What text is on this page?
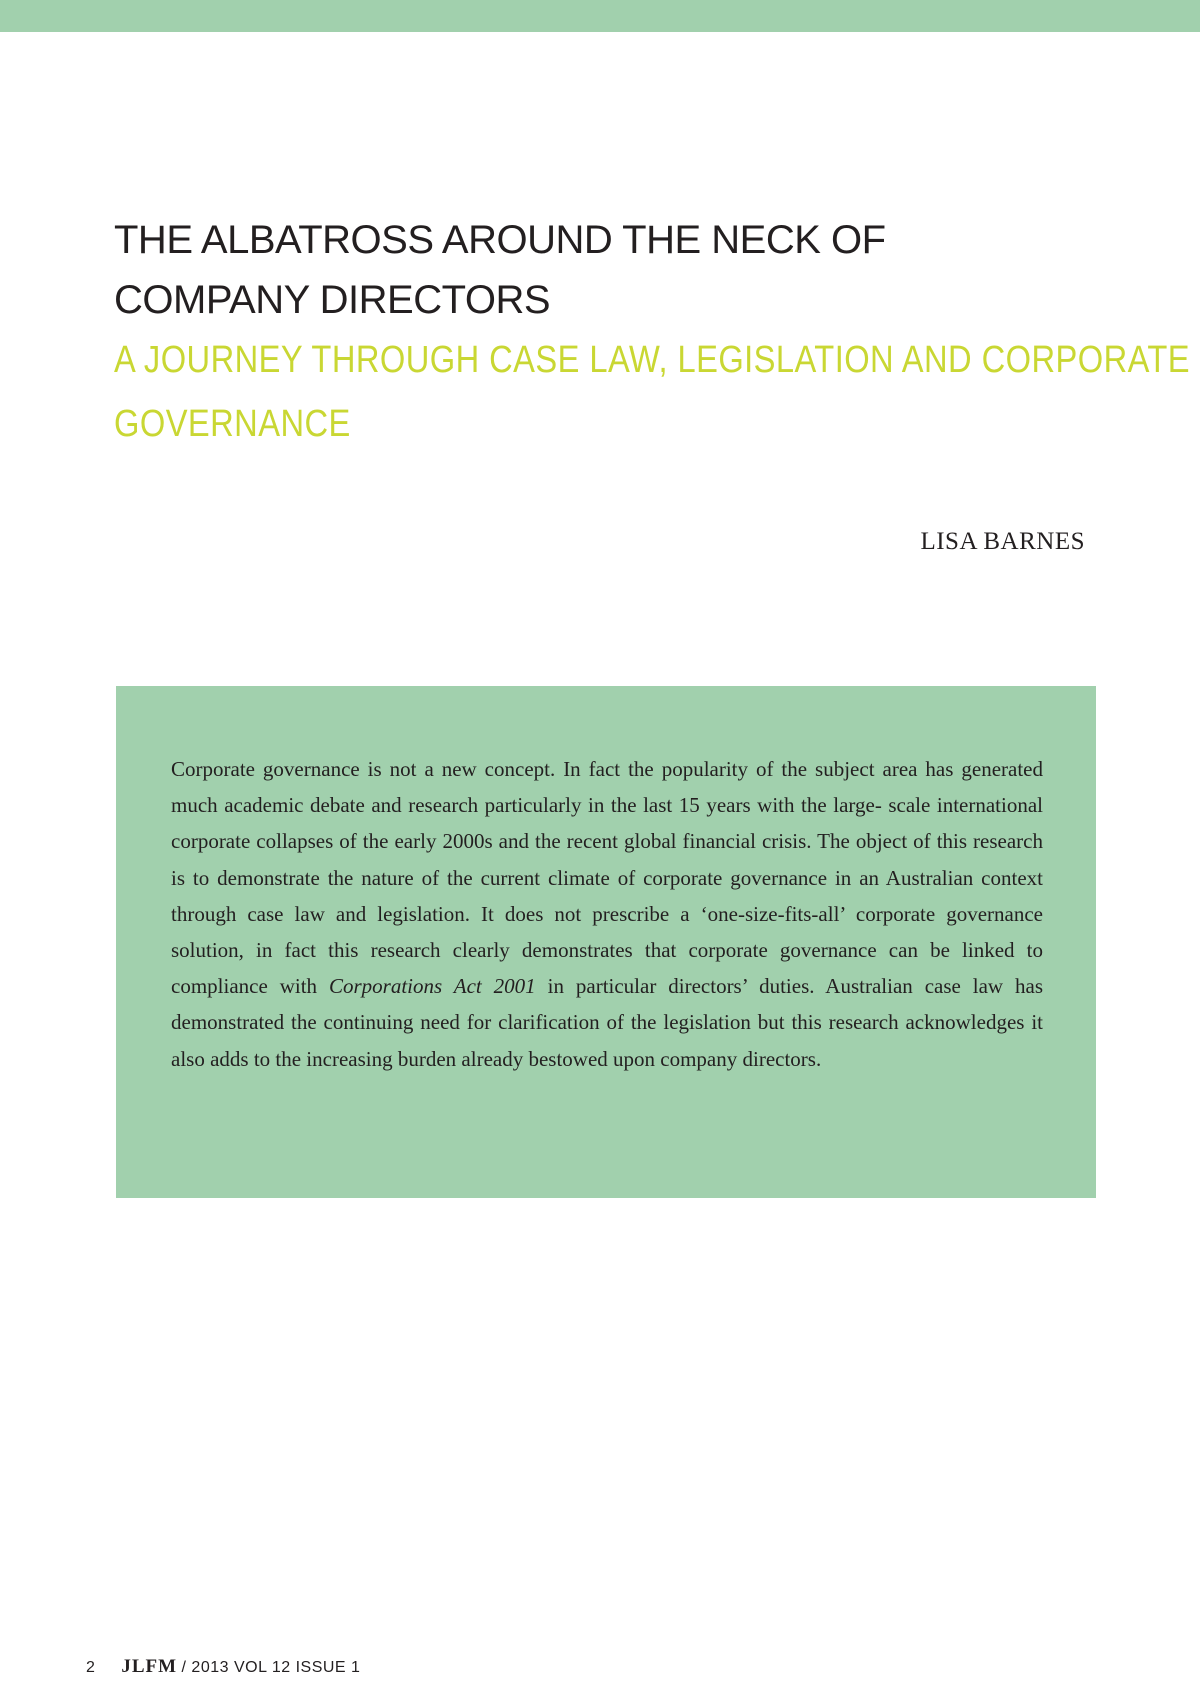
THE ALBATROSS AROUND THE NECK OF
COMPANY DIRECTORS
A JOURNEY THROUGH CASE LAW, LEGISLATION AND CORPORATE
GOVERNANCE
LISA BARNES

Corporate governance is not a new concept. In fact the popularity of the subject area has generated much academic debate and research particularly in the last 15 years with the large- scale international corporate collapses of the early 2000s and the recent global financial crisis. The object of this research is to demonstrate the nature of the current climate of corporate governance in an Australian context through case law and legislation. It does not prescribe a ‘one-size-fits-all’ corporate governance solution, in fact this research clearly demonstrates that corporate governance can be linked to compliance with Corporations Act 2001 in particular directors’ duties. Australian case law has demonstrated the continuing need for clarification of the legislation but this research acknowledges it also adds to the increasing burden already bestowed upon company directors.

2 JLFM / 2013 VOL 12 ISSUE 1
